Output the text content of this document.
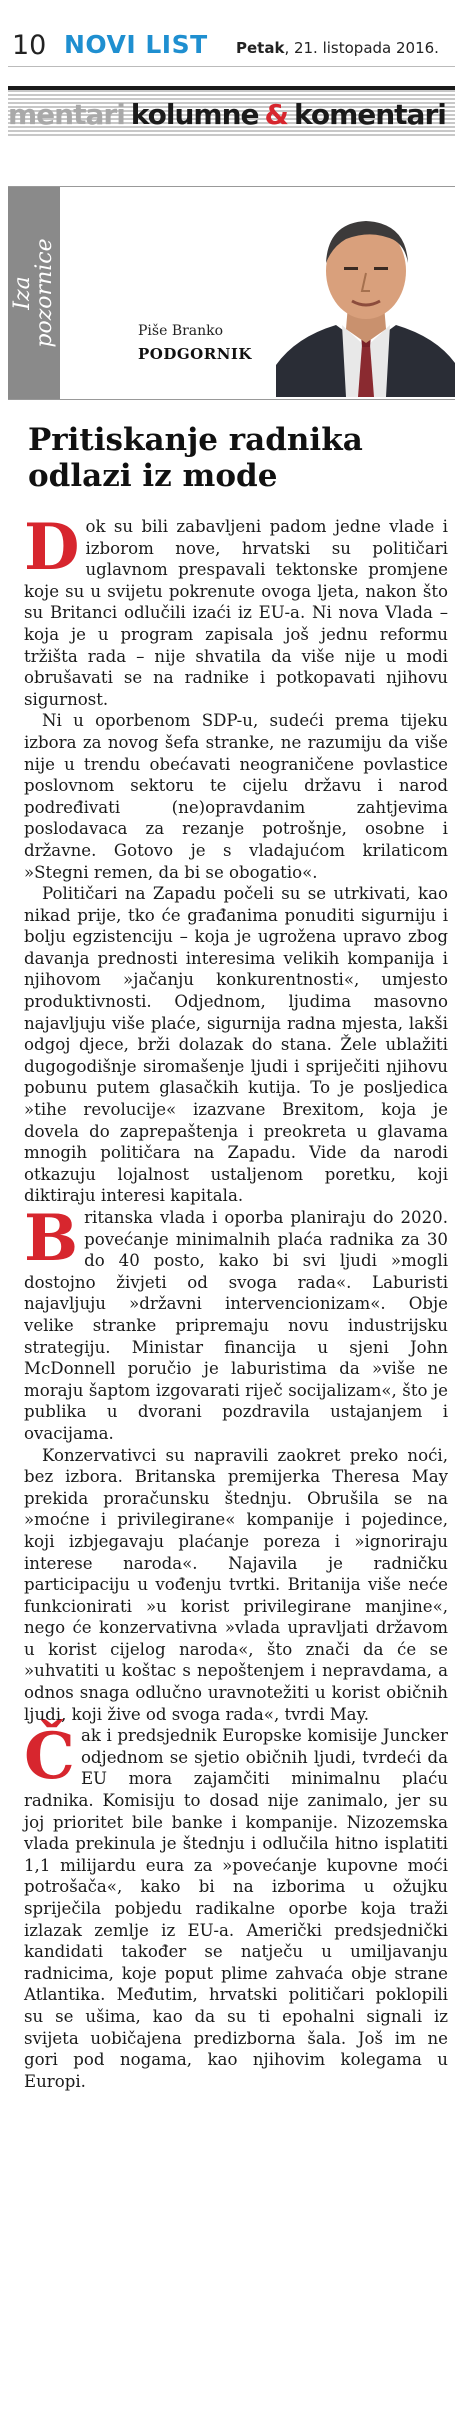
10 NOVI LIST Petak, 21. listopada 2016.
mentari kolumne & komentari
Iza
pozornice	Piše Branko
PODGORNIK
Pritiskanje radnika odlazi iz mode

Dok su bili zabavljeni padom jedne vlade i izborom nove, hrvatski su političari uglavnom prespavali tektonske promjene koje su u svijetu pokrenute ovoga ljeta, nakon što su Britanci odlučili izaći iz EU-a. Ni nova Vlada – koja je u program zapisala još jednu reformu tržišta rada – nije shvatila da više nije u modi obrušavati se na radnike i potkopavati njihovu sigurnost.

Ni u oporbenom SDP-u, sudeći prema tijeku izbora za novog šefa stranke, ne razumiju da više nije u trendu obećavati neograničene povlastice poslovnom sektoru te cijelu državu i narod podređivati (ne)opravdanim zahtjevima poslodavaca za rezanje potrošnje, osobne i državne. Gotovo je s vladajućom krilaticom »Stegni remen, da bi se obogatio«.

Političari na Zapadu počeli su se utrkivati, kao nikad prije, tko će građanima ponuditi sigurniju i bolju egzistenciju – koja je ugrožena upravo zbog davanja prednosti interesima velikih kompanija i njihovom »jačanju konkurentnosti«, umjesto produktivnosti. Odjednom, ljudima masovno najavljuju više plaće, sigurnija radna mjesta, lakši odgoj djece, brži dolazak do stana. Žele ublažiti dugogodišnje siromašenje ljudi i spriječiti njihovu pobunu putem glasačkih kutija. To je posljedica »tihe revolucije« izazvane Brexitom, koja je dovela do zaprepaštenja i preokreta u glavama mnogih političara na Zapadu. Vide da narodi otkazuju lojalnost ustaljenom poretku, koji diktiraju interesi kapitala.

Britanska vlada i oporba planiraju do 2020. povećanje minimalnih plaća radnika za 30 do 40 posto, kako bi svi ljudi »mogli dostojno živjeti od svoga rada«. Laburisti najavljuju »državni intervencionizam«. Obje velike stranke pripremaju novu industrijsku strategiju. Ministar financija u sjeni John McDonnell poručio je laburistima da »više ne moraju šaptom izgovarati riječ socijalizam«, što je publika u dvorani pozdravila ustajanjem i ovacijama.

Konzervativci su napravili zaokret preko noći, bez izbora. Britanska premijerka Theresa May prekida proračunsku štednju. Obrušila se na »moćne i privilegirane« kompanije i pojedince, koji izbjegavaju plaćanje poreza i »ignoriraju interese naroda«. Najavila je radničku participaciju u vođenju tvrtki. Britanija više neće funkcionirati »u korist privilegirane manjine«, nego će konzervativna »vlada upravljati državom u korist cijelog naroda«, što znači da će se »uhvatiti u koštac s nepoštenjem i nepravdama, a odnos snaga odlučno uravnotežiti u korist običnih ljudi, koji žive od svoga rada«, tvrdi May.

Čak i predsjednik Europske komisije Juncker odjednom se sjetio običnih ljudi, tvrdeći da EU mora zajamčiti minimalnu plaću radnika. Komisiju to dosad nije zanimalo, jer su joj prioritet bile banke i kompanije. Nizozemska vlada prekinula je štednju i odlučila hitno isplatiti 1,1 milijardu eura za »povećanje kupovne moći potrošača«, kako bi na izborima u ožujku spriječila pobjedu radikalne oporbe koja traži izlazak zemlje iz EU-a. Američki predsjednički kandidati također se natječu u umiljavanju radnicima, koje poput plime zahvaća obje strane Atlantika. Međutim, hrvatski političari poklopili su se ušima, kao da su ti epohalni signali iz svijeta uobičajena predizborna šala. Još im ne gori pod nogama, kao njihovim kolegama u Europi.
